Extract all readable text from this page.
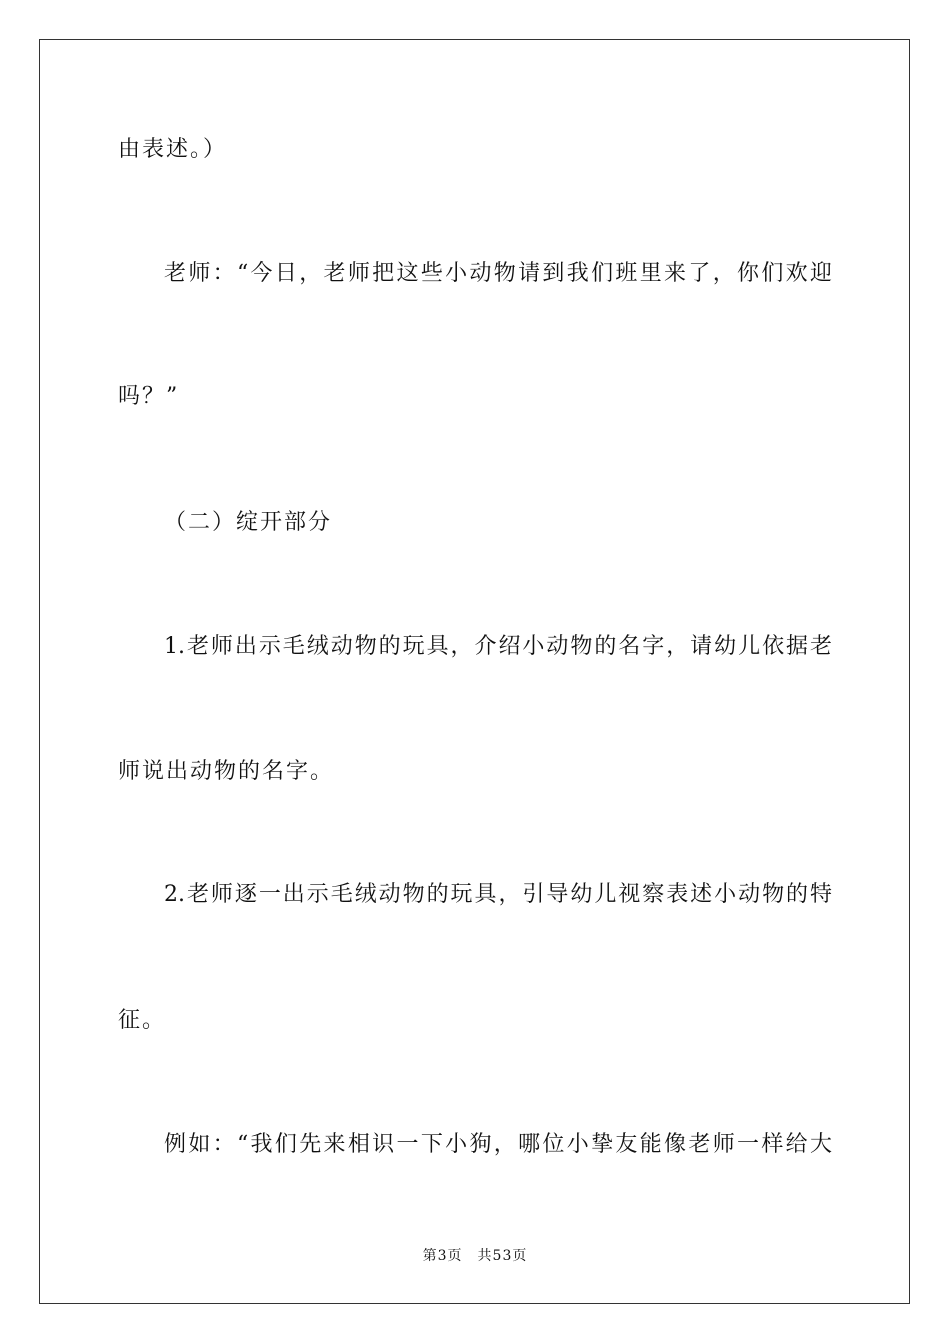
由表述。）
老师：“今日，老师把这些小动物请到我们班里来了，你们欢迎
吗？”
（二）绽开部分
1.老师出示毛绒动物的玩具，介绍小动物的名字，请幼儿依据老
师说出动物的名字。
2.老师逐一出示毛绒动物的玩具，引导幼儿视察表述小动物的特
征。
例如：“我们先来相识一下小狗，哪位小挚友能像老师一样给大
第3页　共53页
